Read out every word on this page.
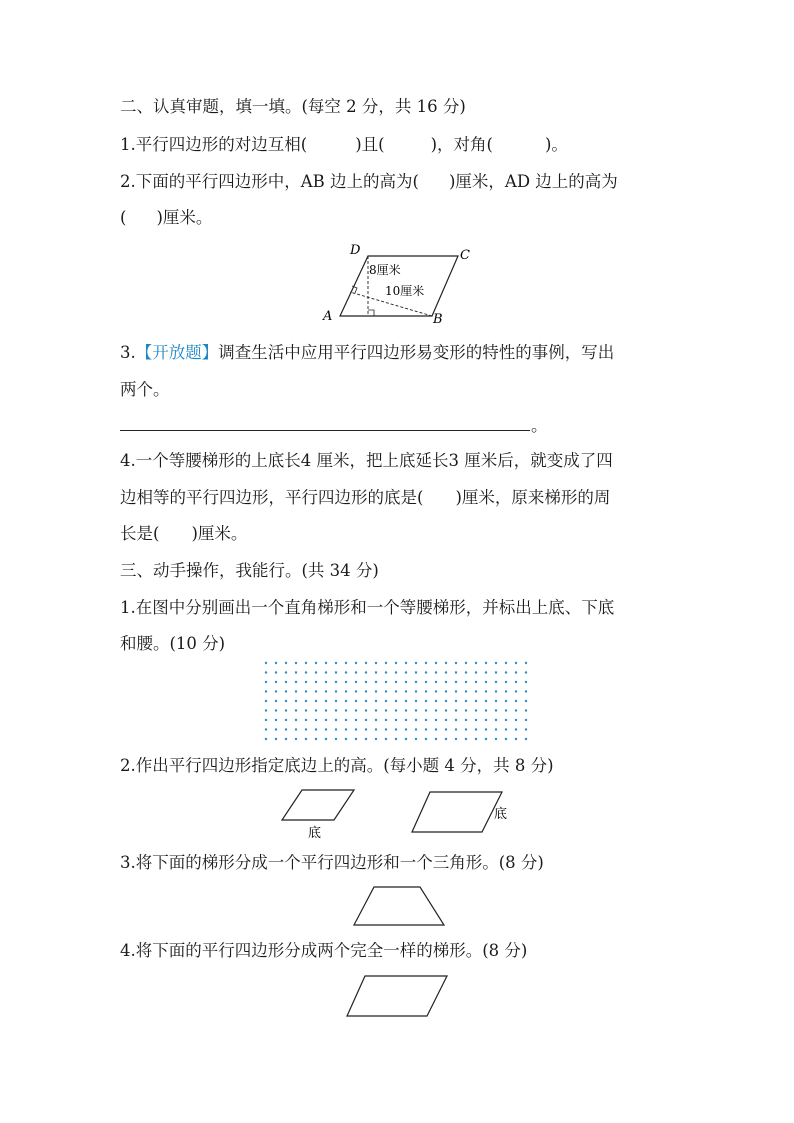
二、认真审题，填一填。(每空 2 分，共 16 分)
1.平行四边形的对边互相(	)且(	)，对角(	)。
2.下面的平行四边形中，AB 边上的高为( )厘米，AD 边上的高为
( )厘米。
D	C
A	B
8厘米
10厘米
3.【开放题】调查生活中应用平行四边形易变形的特性的事例，写出
两个。
。
4.一个等腰梯形的上底长4 厘米，把上底延长3 厘米后，就变成了四
边相等的平行四边形，平行四边形的底是( )厘米，原来梯形的周
长是( )厘米。
三、动手操作，我能行。(共 34 分)
1.在图中分别画出一个直角梯形和一个等腰梯形，并标出上底、下底
和腰。(10 分)
2.作出平行四边形指定底边上的高。(每小题 4 分，共 8 分)
底
底
3.将下面的梯形分成一个平行四边形和一个三角形。(8 分)
4.将下面的平行四边形分成两个完全一样的梯形。(8 分)
